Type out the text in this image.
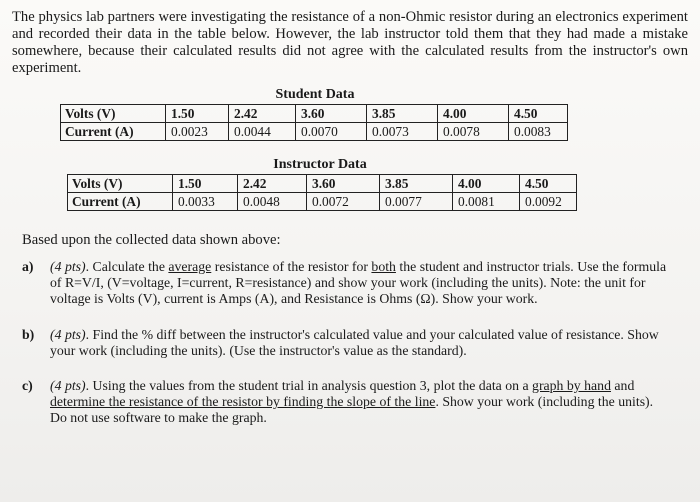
The physics lab partners were investigating the resistance of a non-Ohmic resistor during an electronics experiment and recorded their data in the table below. However, the lab instructor told them that they had made a mistake somewhere, because their calculated results did not agree with the calculated results from the instructor's own experiment.
Student Data
Volts (V)	1.50	2.42	3.60	3.85	4.00	4.50
Current (A)	0.0023	0.0044	0.0070	0.0073	0.0078	0.0083
Instructor Data
Volts (V)	1.50	2.42	3.60	3.85	4.00	4.50
Current (A)	0.0033	0.0048	0.0072	0.0077	0.0081	0.0092
Based upon the collected data shown above:
a)	(4 pts). Calculate the average resistance of the resistor for both the student and instructor trials. Use the formula of R=V/I, (V=voltage, I=current, R=resistance) and show your work (including the units). Note: the unit for voltage is Volts (V), current is Amps (A), and Resistance is Ohms (Ω). Show your work.
b)	(4 pts). Find the % diff between the instructor's calculated value and your calculated value of resistance. Show your work (including the units). (Use the instructor's value as the standard).
c)	(4 pts). Using the values from the student trial in analysis question 3, plot the data on a graph by hand and determine the resistance of the resistor by finding the slope of the line. Show your work (including the units). Do not use software to make the graph.
